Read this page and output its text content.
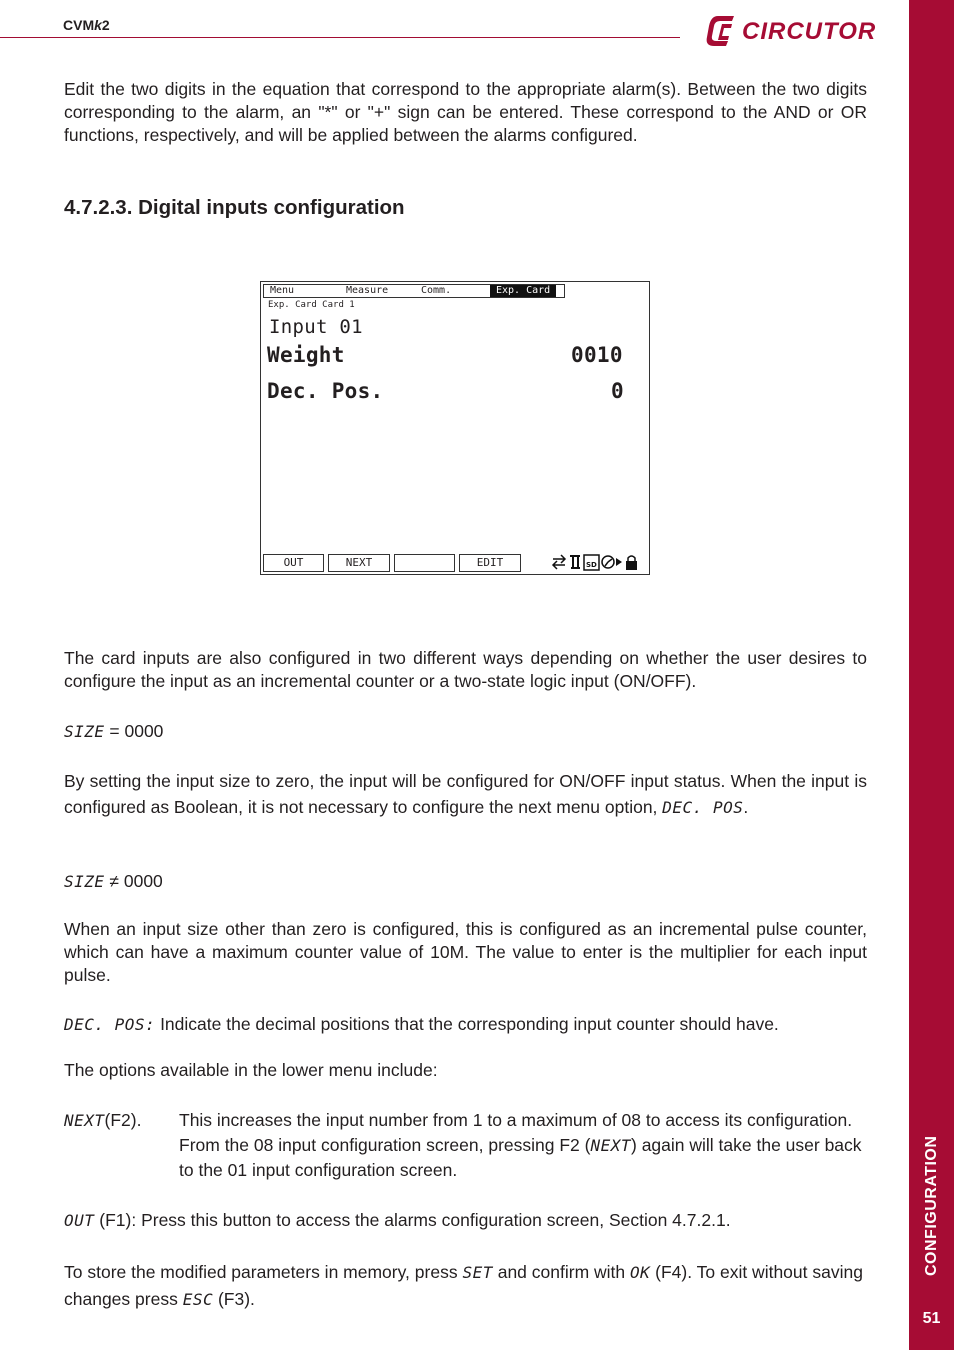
CVMk2	CIRCUTOR
CONFIGURATION
51
Edit the two digits in the equation that correspond to the appropriate alarm(s). Between the two digits corresponding to the alarm, an "*" or "+" sign can be entered. These correspond to the AND or OR functions, respectively, and will be applied between the alarms configured.
4.7.2.3. Digital inputs configuration
Menu	Measure	Comm.	Exp. Card
Exp. Card Card 1
Input 01
Weight	0010
Dec. Pos.	0
OUT	NEXT	EDIT	SD
The card inputs are also configured in two different ways depending on whether the user desires to configure the input as an incremental counter or a two-state logic input (ON/OFF).
SIZE = 0000
By setting the input size to zero, the input will be configured for ON/OFF input status. When the input is configured as Boolean, it is not necessary to configure the next menu option, DEC. POS.
SIZE ≠ 0000
When an input size other than zero is configured, this is configured as an incremental pulse counter, which can have a maximum counter value of 10M. The value to enter is the multiplier for each input pulse.
DEC. POS: Indicate the decimal positions that the corresponding input counter should have.
The options available in the lower menu include:
NEXT(F2). This increases the input number from 1 to a maximum of 08 to access its configuration. From the 08 input configuration screen, pressing F2 (NEXT) again will take the user back to the 01 input configuration screen.
OUT (F1): Press this button to access the alarms configuration screen, Section 4.7.2.1.
To store the modified parameters in memory, press SET and confirm with OK (F4). To exit without saving changes press ESC (F3).
